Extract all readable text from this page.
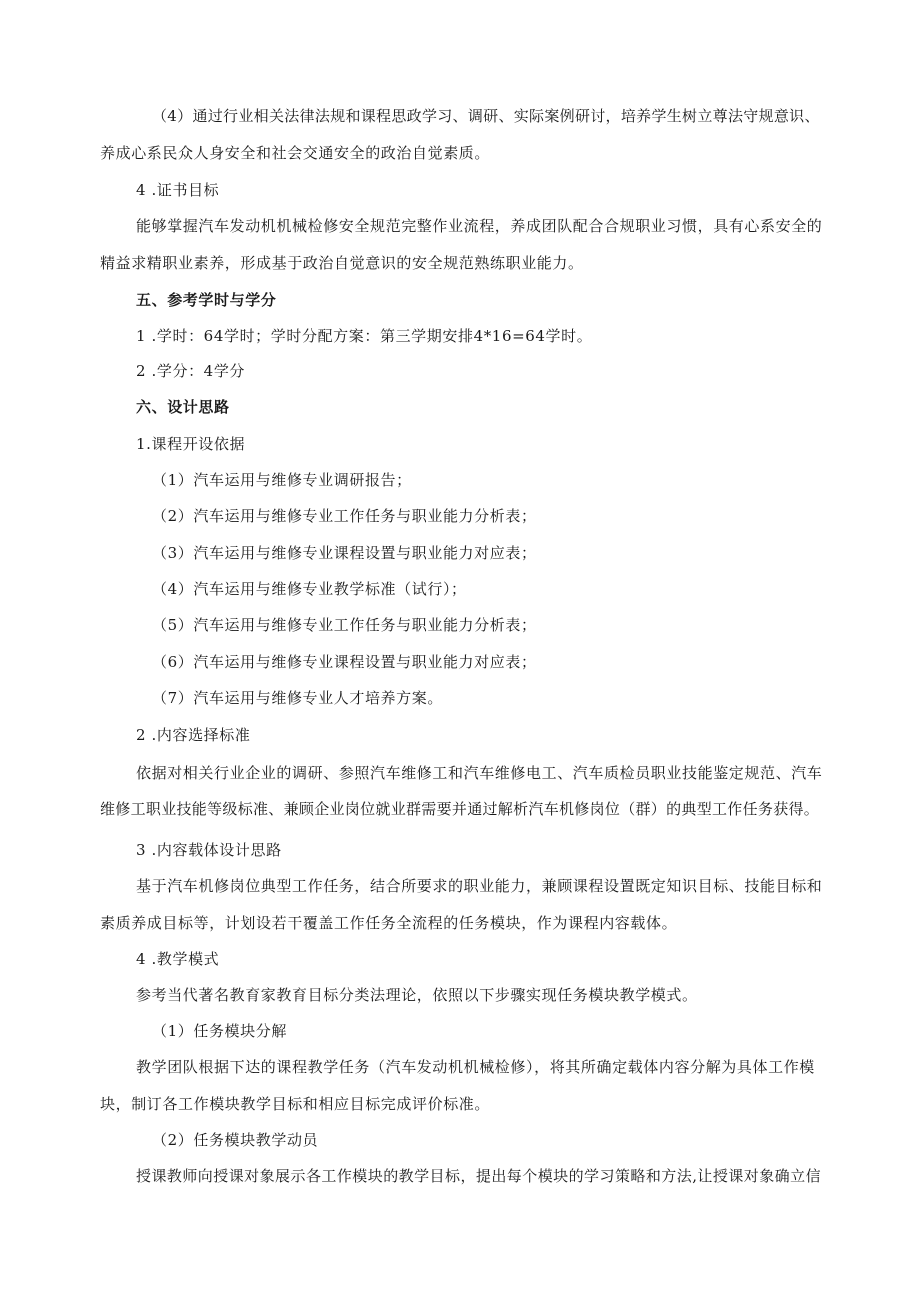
（4）通过行业相关法律法规和课程思政学习、调研、实际案例研讨，培养学生树立尊法守规意识、
养成心系民众人身安全和社会交通安全的政治自觉素质。
4 .证书目标
能够掌握汽车发动机机械检修安全规范完整作业流程，养成团队配合合规职业习惯，具有心系安全的
精益求精职业素养，形成基于政治自觉意识的安全规范熟练职业能力。
五、参考学时与学分
1 .学时：64学时；学时分配方案：第三学期安排4*16=64学时。
2 .学分：4学分
六、设计思路
1.课程开设依据
（1）汽车运用与维修专业调研报告；
（2）汽车运用与维修专业工作任务与职业能力分析表；
（3）汽车运用与维修专业课程设置与职业能力对应表；
（4）汽车运用与维修专业教学标准（试行）；
（5）汽车运用与维修专业工作任务与职业能力分析表；
（6）汽车运用与维修专业课程设置与职业能力对应表；
（7）汽车运用与维修专业人才培养方案。
2 .内容选择标准
依据对相关行业企业的调研、参照汽车维修工和汽车维修电工、汽车质检员职业技能鉴定规范、汽车
维修工职业技能等级标准、兼顾企业岗位就业群需要并通过解析汽车机修岗位（群）的典型工作任务获得。
3 .内容载体设计思路
基于汽车机修岗位典型工作任务，结合所要求的职业能力，兼顾课程设置既定知识目标、技能目标和
素质养成目标等，计划设若干覆盖工作任务全流程的任务模块，作为课程内容载体。
4 .教学模式
参考当代著名教育家教育目标分类法理论，依照以下步骤实现任务模块教学模式。
（1）任务模块分解
教学团队根据下达的课程教学任务（汽车发动机机械检修），将其所确定载体内容分解为具体工作模
块，制订各工作模块教学目标和相应目标完成评价标准。
（2）任务模块教学动员
授课教师向授课对象展示各工作模块的教学目标，提出每个模块的学习策略和方法,让授课对象确立信
